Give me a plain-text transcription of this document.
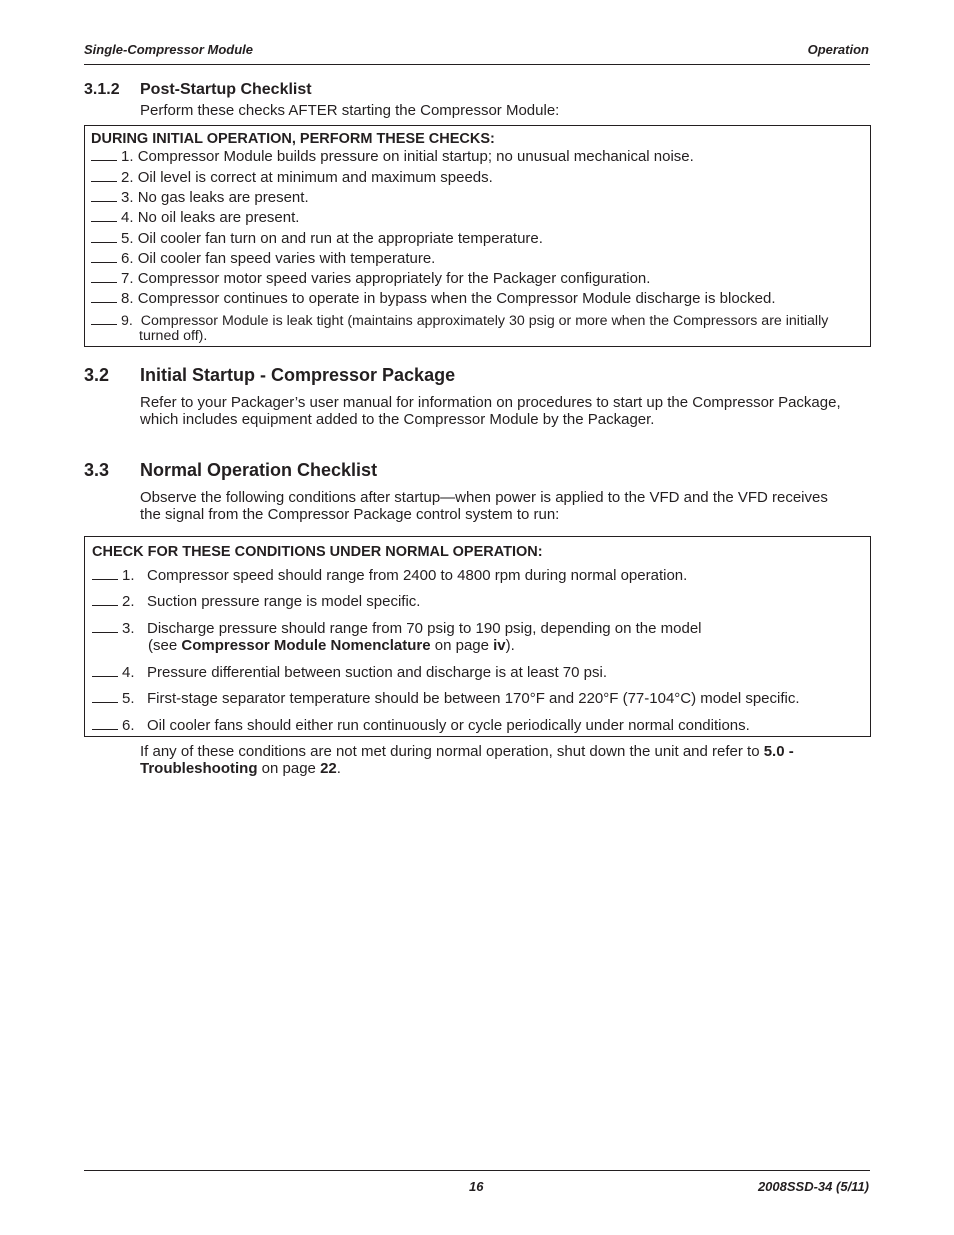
Single-Compressor Module	Operation
3.1.2 Post-Startup Checklist
Perform these checks AFTER starting the Compressor Module:
DURING INITIAL OPERATION, PERFORM THESE CHECKS:
1. Compressor Module builds pressure on initial startup; no unusual mechanical noise.
2. Oil level is correct at minimum and maximum speeds.
3. No gas leaks are present.
4. No oil leaks are present.
5. Oil cooler fan turn on and run at the appropriate temperature.
6. Oil cooler fan speed varies with temperature.
7. Compressor motor speed varies appropriately for the Packager configuration.
8. Compressor continues to operate in bypass when the Compressor Module discharge is blocked.
9. Compressor Module is leak tight (maintains approximately 30 psig or more when the Compressors are initially
turned off).
3.2 Initial Startup - Compressor Package
Refer to your Packager’s user manual for information on procedures to start up the Compressor Package,
which includes equipment added to the Compressor Module by the Packager.
3.3 Normal Operation Checklist
Observe the following conditions after startup—when power is applied to the VFD and the VFD receives
the signal from the Compressor Package control system to run:
CHECK FOR THESE CONDITIONS UNDER NORMAL OPERATION:
1. Compressor speed should range from 2400 to 4800 rpm during normal operation.
2. Suction pressure range is model specific.
3. Discharge pressure should range from 70 psig to 190 psig, depending on the model
(see Compressor Module Nomenclature on page iv).
4. Pressure differential between suction and discharge is at least 70 psi.
5. First-stage separator temperature should be between 170°F and 220°F (77-104°C) model specific.
6. Oil cooler fans should either run continuously or cycle periodically under normal conditions.
If any of these conditions are not met during normal operation, shut down the unit and refer to 5.0 -
Troubleshooting on page 22.
16	2008SSD-34 (5/11)
